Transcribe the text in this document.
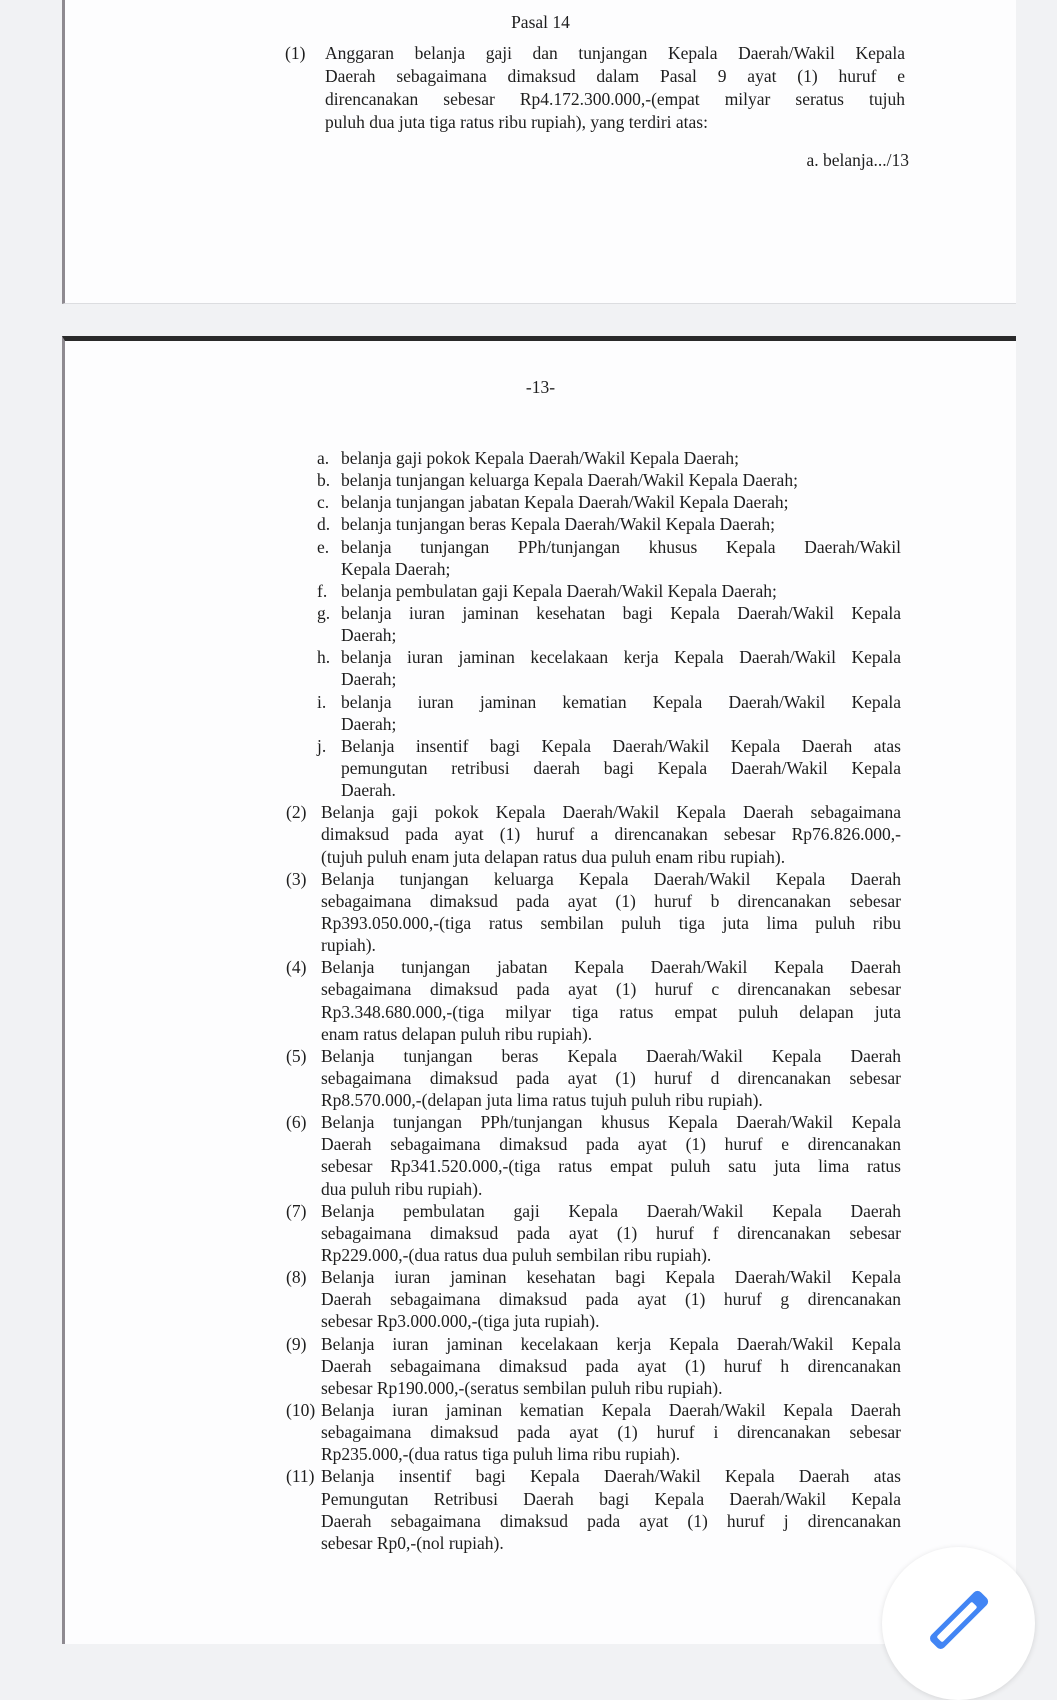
Pasal 14
(1) Anggaran belanja gaji dan tunjangan Kepala Daerah/Wakil Kepala
Daerah sebagaimana dimaksud dalam Pasal 9 ayat (1) huruf e
direncanakan sebesar Rp4.172.300.000,-(empat milyar seratus tujuh
puluh dua juta tiga ratus ribu rupiah), yang terdiri atas:
a. belanja.../13
-13-
a. belanja gaji pokok Kepala Daerah/Wakil Kepala Daerah;
b. belanja tunjangan keluarga Kepala Daerah/Wakil Kepala Daerah;
c. belanja tunjangan jabatan Kepala Daerah/Wakil Kepala Daerah;
d. belanja tunjangan beras Kepala Daerah/Wakil Kepala Daerah;
e. belanja tunjangan PPh/tunjangan khusus Kepala Daerah/Wakil
Kepala Daerah;
f. belanja pembulatan gaji Kepala Daerah/Wakil Kepala Daerah;
g. belanja iuran jaminan kesehatan bagi Kepala Daerah/Wakil Kepala
Daerah;
h. belanja iuran jaminan kecelakaan kerja Kepala Daerah/Wakil Kepala
Daerah;
i. belanja iuran jaminan kematian Kepala Daerah/Wakil Kepala
Daerah;
j. Belanja insentif bagi Kepala Daerah/Wakil Kepala Daerah atas
pemungutan retribusi daerah bagi Kepala Daerah/Wakil Kepala
Daerah.
(2) Belanja gaji pokok Kepala Daerah/Wakil Kepala Daerah sebagaimana
dimaksud pada ayat (1) huruf a direncanakan sebesar Rp76.826.000,-
(tujuh puluh enam juta delapan ratus dua puluh enam ribu rupiah).
(3) Belanja tunjangan keluarga Kepala Daerah/Wakil Kepala Daerah
sebagaimana dimaksud pada ayat (1) huruf b direncanakan sebesar
Rp393.050.000,-(tiga ratus sembilan puluh tiga juta lima puluh ribu
rupiah).
(4) Belanja tunjangan jabatan Kepala Daerah/Wakil Kepala Daerah
sebagaimana dimaksud pada ayat (1) huruf c direncanakan sebesar
Rp3.348.680.000,-(tiga milyar tiga ratus empat puluh delapan juta
enam ratus delapan puluh ribu rupiah).
(5) Belanja tunjangan beras Kepala Daerah/Wakil Kepala Daerah
sebagaimana dimaksud pada ayat (1) huruf d direncanakan sebesar
Rp8.570.000,-(delapan juta lima ratus tujuh puluh ribu rupiah).
(6) Belanja tunjangan PPh/tunjangan khusus Kepala Daerah/Wakil Kepala
Daerah sebagaimana dimaksud pada ayat (1) huruf e direncanakan
sebesar Rp341.520.000,-(tiga ratus empat puluh satu juta lima ratus
dua puluh ribu rupiah).
(7) Belanja pembulatan gaji Kepala Daerah/Wakil Kepala Daerah
sebagaimana dimaksud pada ayat (1) huruf f direncanakan sebesar
Rp229.000,-(dua ratus dua puluh sembilan ribu rupiah).
(8) Belanja iuran jaminan kesehatan bagi Kepala Daerah/Wakil Kepala
Daerah sebagaimana dimaksud pada ayat (1) huruf g direncanakan
sebesar Rp3.000.000,-(tiga juta rupiah).
(9) Belanja iuran jaminan kecelakaan kerja Kepala Daerah/Wakil Kepala
Daerah sebagaimana dimaksud pada ayat (1) huruf h direncanakan
sebesar Rp190.000,-(seratus sembilan puluh ribu rupiah).
(10) Belanja iuran jaminan kematian Kepala Daerah/Wakil Kepala Daerah
sebagaimana dimaksud pada ayat (1) huruf i direncanakan sebesar
Rp235.000,-(dua ratus tiga puluh lima ribu rupiah).
(11) Belanja insentif bagi Kepala Daerah/Wakil Kepala Daerah atas
Pemungutan Retribusi Daerah bagi Kepala Daerah/Wakil Kepala
Daerah sebagaimana dimaksud pada ayat (1) huruf j direncanakan
sebesar Rp0,-(nol rupiah).
